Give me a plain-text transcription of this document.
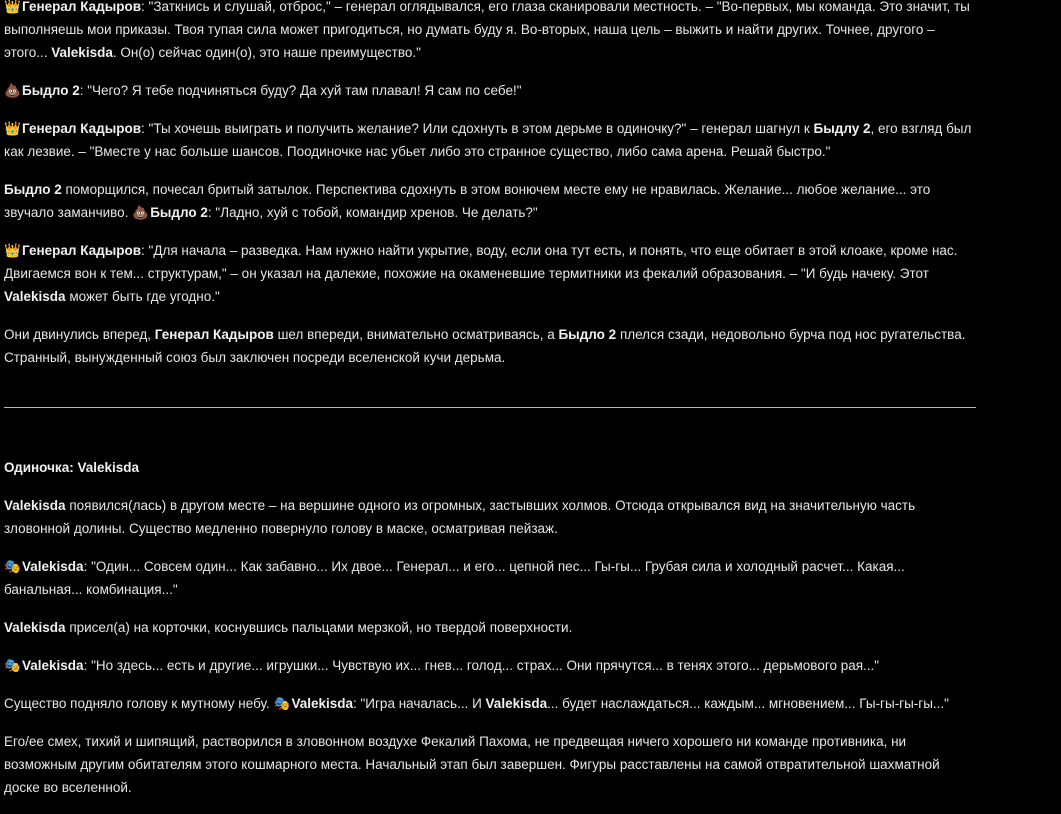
👑Генерал Кадыров: "Заткнись и слушай, отброс," – генерал оглядывался, его глаза сканировали местность. – "Во-первых, мы команда. Это значит, ты выполняешь мои приказы. Твоя тупая сила может пригодиться, но думать буду я. Во-вторых, наша цель – выжить и найти других. Точнее, другого – этого... Valekisda. Он(о) сейчас один(о), это наше преимущество."

💩Быдло 2: "Чего? Я тебе подчиняться буду? Да хуй там плавал! Я сам по себе!"

👑Генерал Кадыров: "Ты хочешь выиграть и получить желание? Или сдохнуть в этом дерьме в одиночку?" – генерал шагнул к Быдлу 2, его взгляд был как лезвие. – "Вместе у нас больше шансов. Поодиночке нас убьет либо это странное существо, либо сама арена. Решай быстро."

Быдло 2 поморщился, почесал бритый затылок. Перспектива сдохнуть в этом вонючем месте ему не нравилась. Желание... любое желание... это звучало заманчиво. 💩Быдло 2: "Ладно, хуй с тобой, командир хренов. Че делать?"

👑Генерал Кадыров: "Для начала – разведка. Нам нужно найти укрытие, воду, если она тут есть, и понять, что еще обитает в этой клоаке, кроме нас. Двигаемся вон к тем... структурам," – он указал на далекие, похожие на окаменевшие термитники из фекалий образования. – "И будь начеку. Этот Valekisda может быть где угодно."

Они двинулись вперед, Генерал Кадыров шел впереди, внимательно осматриваясь, а Быдло 2 плелся сзади, недовольно бурча под нос ругательства. Странный, вынужденный союз был заключен посреди вселенской кучи дерьма.

Одиночка: Valekisda

Valekisda появился(лась) в другом месте – на вершине одного из огромных, застывших холмов. Отсюда открывался вид на значительную часть зловонной долины. Существо медленно повернуло голову в маске, осматривая пейзаж.

🎭Valekisda: "Один... Совсем один... Как забавно... Их двое... Генерал... и его... цепной пес... Гы-гы... Грубая сила и холодный расчет... Какая... банальная... комбинация..."

Valekisda присел(а) на корточки, коснувшись пальцами мерзкой, но твердой поверхности.

🎭Valekisda: "Но здесь... есть и другие... игрушки... Чувствую их... гнев... голод... страх... Они прячутся... в тенях этого... дерьмового рая..."

Существо подняло голову к мутному небу. 🎭Valekisda: "Игра началась... И Valekisda... будет наслаждаться... каждым... мгновением... Гы-гы-гы-гы..."

Его/ее смех, тихий и шипящий, растворился в зловонном воздухе Фекалий Пахома, не предвещая ничего хорошего ни команде противника, ни возможным другим обитателям этого кошмарного места. Начальный этап был завершен. Фигуры расставлены на самой отвратительной шахматной доске во вселенной.
